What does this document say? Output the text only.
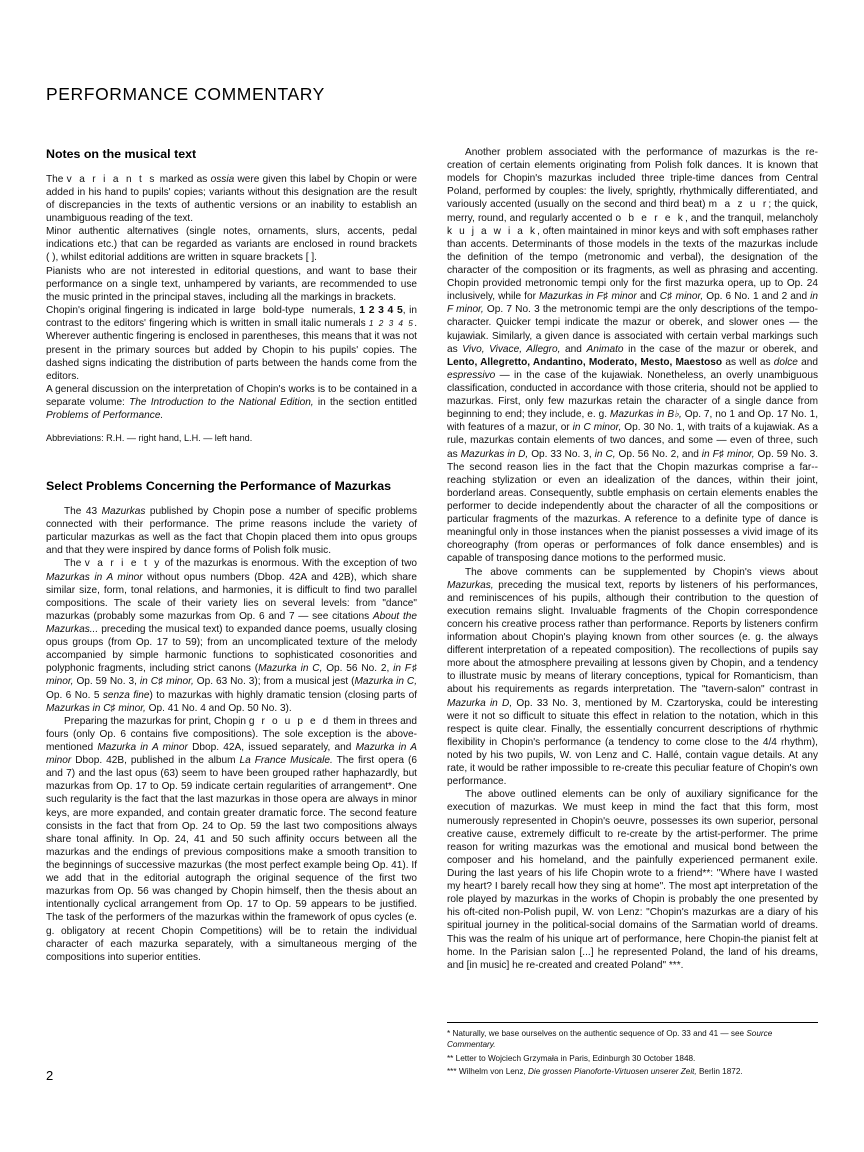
PERFORMANCE COMMENTARY
Notes on the musical text

The v a r i a n t s marked as ossia were given this label by Chopin or were added in his hand to pupils' copies; variants without this designation are the result of discrepancies in the texts of authentic versions or an inability to establish an unambiguous reading of the text.

Minor authentic alternatives (single notes, ornaments, slurs, accents, pedal indications etc.) that can be regarded as variants are enclosed in round brackets ( ), whilst editorial additions are written in square brackets [ ].

Pianists who are not interested in editorial questions, and want to base their performance on a single text, unhampered by variants, are recommended to use the music printed in the principal staves, including all the markings in brackets.

Chopin's original fingering is indicated in large  bold-type  numerals, 1 2 3 4 5, in contrast to the editors' fingering which is written in small italic numerals 1 2 3 4 5. Wherever authentic fingering is enclosed in parentheses, this means that it was not present in the primary sources but added by Chopin to his pupils' copies. The dashed signs indicating the distribution of parts between the hands come from the editors.

A general discussion on the interpretation of Chopin's works is to be contained in a separate volume: The Introduction to the National Edition, in the section entitled Problems of Performance.

Abbreviations: R.H. — right hand, L.H. — left hand.

Select Problems Concerning the Performance of Mazurkas

The 43 Mazurkas published by Chopin pose a number of specific problems connected with their performance. The prime reasons include the variety of particular mazurkas as well as the fact that Chopin placed them into opus groups and that they were inspired by dance forms of Polish folk music.

The v a r i e t y of the mazurkas is enormous. With the exception of two Mazurkas in A minor without opus numbers (Dbop. 42A and 42B), which share similar size, form, tonal relations, and harmonies, it is difficult to find two parallel compositions. The scale of their variety lies on several levels: from "dance" mazurkas (probably some mazurkas from Op. 6 and 7 — see citations About the Mazurkas... preceding the musical text) to expanded dance poems, usually closing opus groups (from Op. 17 to 59); from an uncomplicated texture of the melody accompanied by simple harmonic functions to sophisticated cosonorities and polyphonic fragments, including strict canons (Mazurka in C, Op. 56 No. 2, in F♯ minor, Op. 59 No. 3, in C♯ minor, Op. 63 No. 3); from a musical jest (Mazurka in C, Op. 6 No. 5 senza fine) to mazurkas with highly dramatic tension (closing parts of Mazurkas in C♯ minor, Op. 41 No. 4 and Op. 50 No. 3).

Preparing the mazurkas for print, Chopin g r o u p e d them in threes and fours (only Op. 6 contains five compositions). The sole exception is the above-mentioned Mazurka in A minor Dbop. 42A, issued separately, and Mazurka in A minor Dbop. 42B, published in the album La France Musicale. The first opera (6 and 7) and the last opus (63) seem to have been grouped rather haphazardly, but mazurkas from Op. 17 to Op. 59 indicate certain regularities of arrangement*. One such regularity is the fact that the last mazurkas in those opera are always in minor keys, are more expanded, and contain greater dramatic force. The second feature consists in the fact that from Op. 24 to Op. 59 the last two compositions always share tonal affinity. In Op. 24, 41 and 50 such affinity occurs between all the mazurkas and the endings of previous compositions make a smooth transition to the beginnings of successive mazurkas (the most perfect example being Op. 41). If we add that in the editorial autograph the original sequence of the first two mazurkas from Op. 56 was changed by Chopin himself, then the thesis about an intentionally cyclical arrangement from Op. 17 to Op. 59 appears to be justified. The task of the performers of the mazurkas within the framework of opus cycles (e. g. obligatory at recent Chopin Competitions) will be to retain the individual character of each mazurka separately, with a simultaneous merging of the compositions into superior entities.

Another problem associated with the performance of mazurkas is the re-creation of certain elements originating from Polish folk dances. It is known that models for Chopin's mazurkas included three triple-time dances from Central Poland, performed by couples: the lively, sprightly, rhythmically differentiated, and variously accented (usually on the second and third beat) m a z u r; the quick, merry, round, and regularly accented o b e r e k, and the tranquil, melancholy k u j a w i a k, often maintained in minor keys and with soft emphases rather than accents. Determinants of those models in the texts of the mazurkas include the definition of the tempo (metronomic and verbal), the designation of the character of the composition or its fragments, as well as phrasing and accenting. Chopin provided metronomic tempi only for the first mazurka opera, up to Op. 24 inclusively, while for Mazurkas in F♯ minor and C♯ minor, Op. 6 No. 1 and 2 and in F minor, Op. 7 No. 3 the metronomic tempi are the only descriptions of the tempo-character. Quicker tempi indicate the mazur or oberek, and slower ones — the kujawiak. Similarly, a given dance is associated with certain verbal markings such as Vivo, Vivace, Allegro, and Animato in the case of the mazur or oberek, and Lento, Allegretto, Andantino, Moderato, Mesto, Maestoso as well as dolce and espressivo — in the case of the kujawiak. Nonetheless, an overly unambiguous classification, conducted in accordance with those criteria, should not be applied to mazurkas. First, only few mazurkas retain the character of a single dance from beginning to end; they include, e. g. Mazurkas in B♭, Op. 7, no 1 and Op. 17 No. 1, with features of a mazur, or in C minor, Op. 30 No. 1, with traits of a kujawiak. As a rule, mazurkas contain elements of two dances, and some — even of three, such as Mazurkas in D, Op. 33 No. 3, in C, Op. 56 No. 2, and in F♯ minor, Op. 59 No. 3. The second reason lies in the fact that the Chopin mazurkas comprise a far--reaching stylization or even an idealization of the dances, within their joint, borderland areas. Consequently, subtle emphasis on certain elements enables the performer to decide independently about the character of all the compositions or particular fragments of the mazurkas. A reference to a definite type of dance is meaningful only in those instances when the pianist possesses a vivid image of its choreography (from operas or performances of folk dance ensembles) and is capable of transposing dance motions to the performed music.

The above comments can be supplemented by Chopin's views about Mazurkas, preceding the musical text, reports by listeners of his performances, and reminiscences of his pupils, although their contribution to the question of execution remains slight. Invaluable fragments of the Chopin correspondence concern his creative process rather than performance. Reports by listeners confirm information about Chopin's playing known from other sources (e. g. the always different interpretation of a repeated composition). The recollections of pupils say more about the atmosphere prevailing at lessons given by Chopin, and a tendency to illustrate music by means of literary conceptions, typical for Romanticism, than about his requirements as regards interpretation. The "tavern-salon" contrast in Mazurka in D, Op. 33 No. 3, mentioned by M. Czartoryska, could be interesting were it not so difficult to situate this effect in relation to the notation, which in this respect is quite clear. Finally, the essentially concurrent descriptions of rhythmic flexibility in Chopin's performance (a tendency to come close to the 4/4 rhythm), noted by his two pupils, W. von Lenz and C. Hallé, contain vague details. At any rate, it would be rather impossible to re-create this peculiar feature of Chopin's own performance.

The above outlined elements can be only of auxiliary significance for the execution of mazurkas. We must keep in mind the fact that this form, most numerously represented in Chopin's oeuvre, possesses its own superior, personal creative cause, extremely difficult to re-create by the artist-performer. The prime reason for writing mazurkas was the emotional and musical bond between the composer and his homeland, and the painfully experienced permanent exile. During the last years of his life Chopin wrote to a friend**: "Where have I wasted my heart? I barely recall how they sing at home". The most apt interpretation of the role played by mazurkas in the works of Chopin is probably the one presented by his oft-cited non-Polish pupil, W. von Lenz: "Chopin's mazurkas are a diary of his spiritual journey in the political-social domains of the Sarmatian world of dreams. This was the realm of his unique art of performance, here Chopin-the pianist felt at home. In the Parisian salon [...] he represented Poland, the land of his dreams, and [in music] he re-created and created Poland" ***.

* Naturally, we base ourselves on the authentic sequence of Op. 33 and 41 — see Source Commentary.

** Letter to Wojciech Grzymała in Paris, Edinburgh 30 October 1848.

*** Wilhelm von Lenz, Die grossen Pianoforte-Virtuosen unserer Zeit, Berlin 1872.

2
